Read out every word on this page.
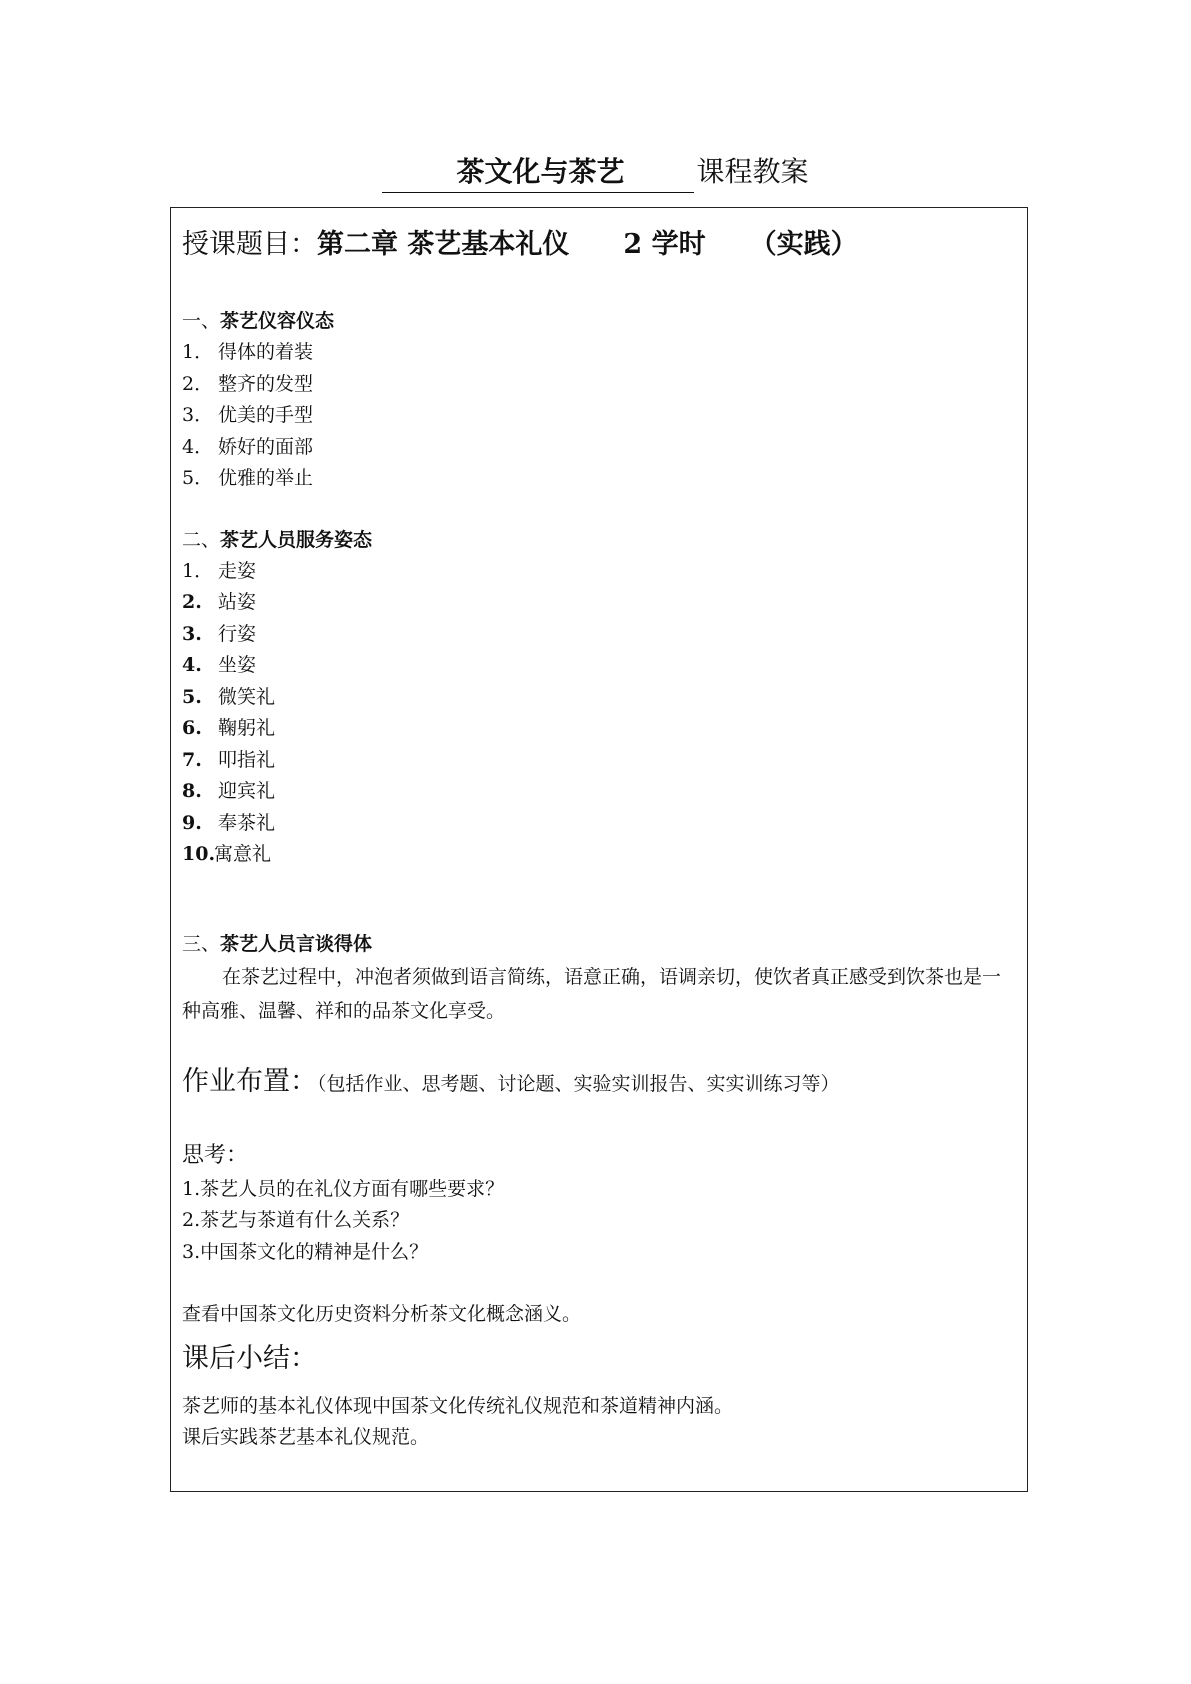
茶文化与茶艺	课程教案
授课题目：第二章 茶艺基本礼仪 2 学时 （实践）
一、茶艺仪容仪态
1． 得体的着装
2． 整齐的发型
3． 优美的手型
4． 娇好的面部
5． 优雅的举止
二、茶艺人员服务姿态
1． 走姿
2. 站姿
3. 行姿
4. 坐姿
5. 微笑礼
6. 鞠躬礼
7. 叩指礼
8. 迎宾礼
9. 奉茶礼
10.寓意礼
三、茶艺人员言谈得体

在茶艺过程中，冲泡者须做到语言简练，语意正确，语调亲切，使饮者真正感受到饮茶也是一种高雅、温馨、祥和的品茶文化享受。

作业布置：（包括作业、思考题、讨论题、实验实训报告、实实训练习等）
思考：
1.茶艺人员的在礼仪方面有哪些要求？
2.茶艺与茶道有什么关系？
3.中国茶文化的精神是什么？
查看中国茶文化历史资料分析茶文化概念涵义。
课后小结：
茶艺师的基本礼仪体现中国茶文化传统礼仪规范和茶道精神内涵。
课后实践茶艺基本礼仪规范。
